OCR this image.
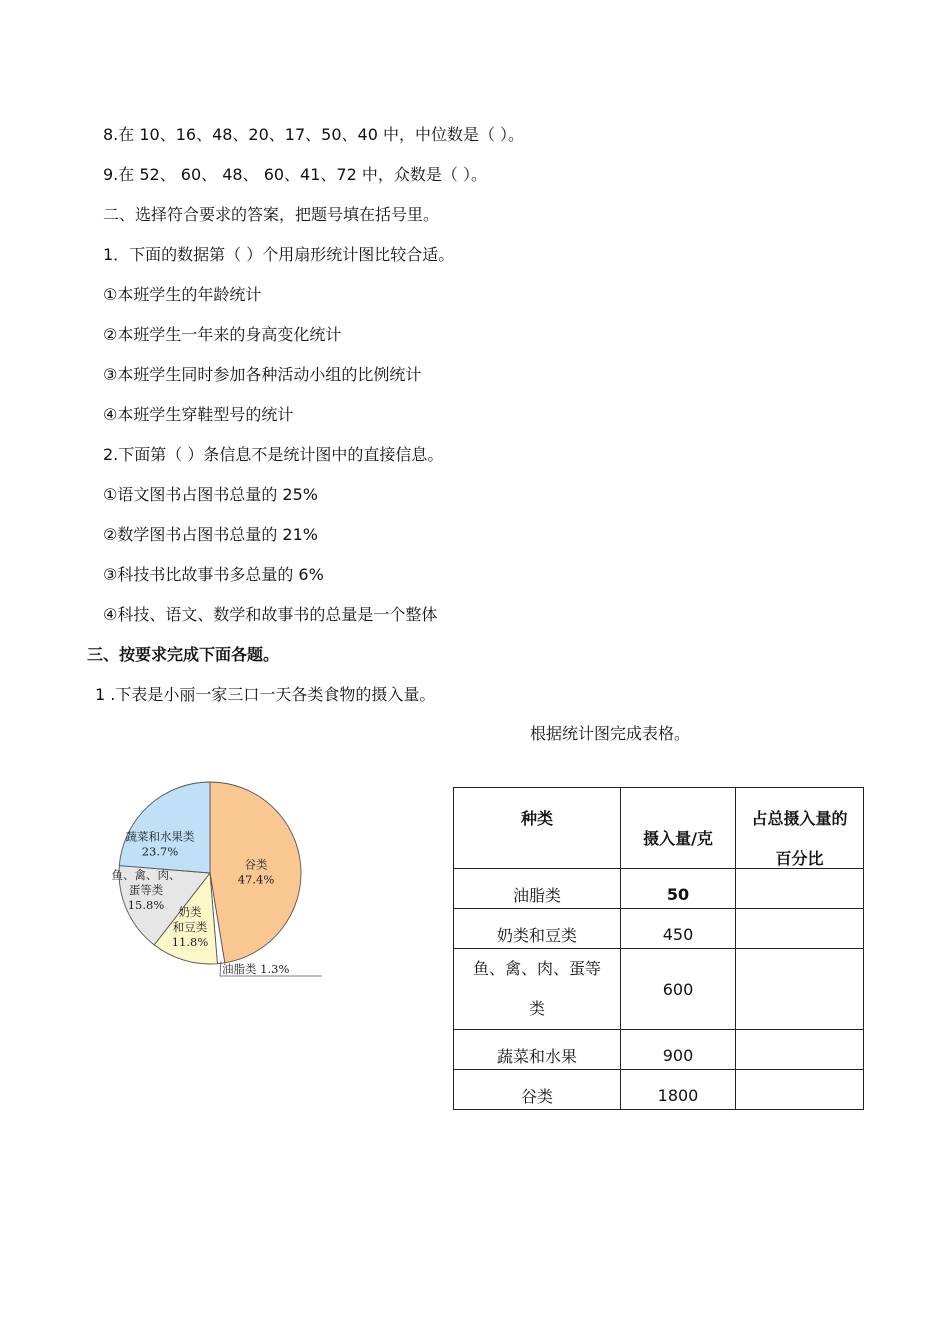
8.在 10、16、48、20、17、50、40 中，中位数是（ ）。
9.在 52、 60、 48、 60、41、72 中，众数是（ ）。
二、选择符合要求的答案，把题号填在括号里。
1．下面的数据第（ ）个用扇形统计图比较合适。
①本班学生的年龄统计
②本班学生一年来的身高变化统计
③本班学生同时参加各种活动小组的比例统计
④本班学生穿鞋型号的统计
2.下面第（ ）条信息不是统计图中的直接信息。
①语文图书占图书总量的 25%
②数学图书占图书总量的 21%
③科技书比故事书多总量的 6%
④科技、语文、数学和故事书的总量是一个整体
三、按要求完成下面各题。
1 .下表是小丽一家三口一天各类食物的摄入量。
根据统计图完成表格。
谷类
47.4%
油脂类 1.3%
奶类
和豆类
11.8%
鱼、禽、肉、
蛋等类
15.8%
蔬菜和水果类
23.7%
种类	摄入量/克	占总摄入量的
百分比

油脂类	50	
奶类和豆类	450	

鱼、禽、肉、蛋等
类	600	
蔬菜和水果	900	
谷类	1800	
